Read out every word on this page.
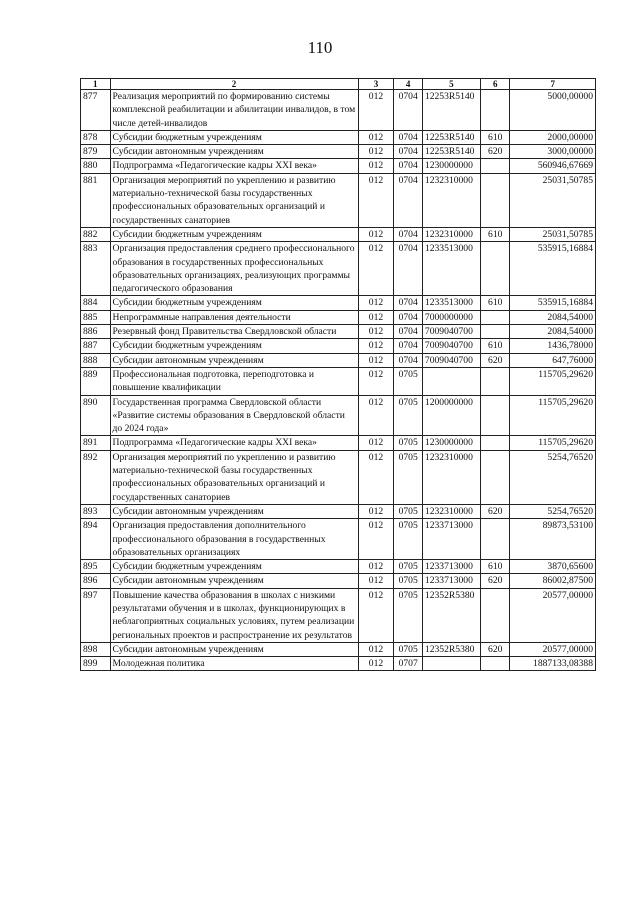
110
1	2	3	4	5	6	7
877	Реализация мероприятий по формированию системы комплексной реабилитации и абилитации инвалидов, в том числе детей-инвалидов	012	0704	12253R5140		5000,00000
878	Субсидии бюджетным учреждениям	012	0704	12253R5140	610	2000,00000
879	Субсидии автономным учреждениям	012	0704	12253R5140	620	3000,00000
880	Подпрограмма «Педагогические кадры XXI века»	012	0704	1230000000		560946,67669
881	Организация мероприятий по укреплению и развитию материально-технической базы государственных профессиональных образовательных организаций и государственных санаториев	012	0704	1232310000		25031,50785
882	Субсидии бюджетным учреждениям	012	0704	1232310000	610	25031,50785
883	Организация предоставления среднего профессионального образования в государственных профессиональных образовательных организациях, реализующих программы педагогического образования	012	0704	1233513000		535915,16884
884	Субсидии бюджетным учреждениям	012	0704	1233513000	610	535915,16884
885	Непрограммные направления деятельности	012	0704	7000000000		2084,54000
886	Резервный фонд Правительства Свердловской области	012	0704	7009040700		2084,54000
887	Субсидии бюджетным учреждениям	012	0704	7009040700	610	1436,78000
888	Субсидии автономным учреждениям	012	0704	7009040700	620	647,76000
889	Профессиональная подготовка, переподготовка и повышение квалификации	012	0705			115705,29620
890	Государственная программа Свердловской области «Развитие системы образования в Свердловской области до 2024 года»	012	0705	1200000000		115705,29620
891	Подпрограмма «Педагогические кадры XXI века»	012	0705	1230000000		115705,29620
892	Организация мероприятий по укреплению и развитию материально-технической базы государственных профессиональных образовательных организаций и государственных санаториев	012	0705	1232310000		5254,76520
893	Субсидии автономным учреждениям	012	0705	1232310000	620	5254,76520
894	Организация предоставления дополнительного профессионального образования в государственных образовательных организациях	012	0705	1233713000		89873,53100
895	Субсидии бюджетным учреждениям	012	0705	1233713000	610	3870,65600
896	Субсидии автономным учреждениям	012	0705	1233713000	620	86002,87500
897	Повышение качества образования в школах с низкими результатами обучения и в школах, функционирующих в неблагоприятных социальных условиях, путем реализации региональных проектов и распространение их результатов	012	0705	12352R5380		20577,00000
898	Субсидии автономным учреждениям	012	0705	12352R5380	620	20577,00000
899	Молодежная политика	012	0707			1887133,08388
